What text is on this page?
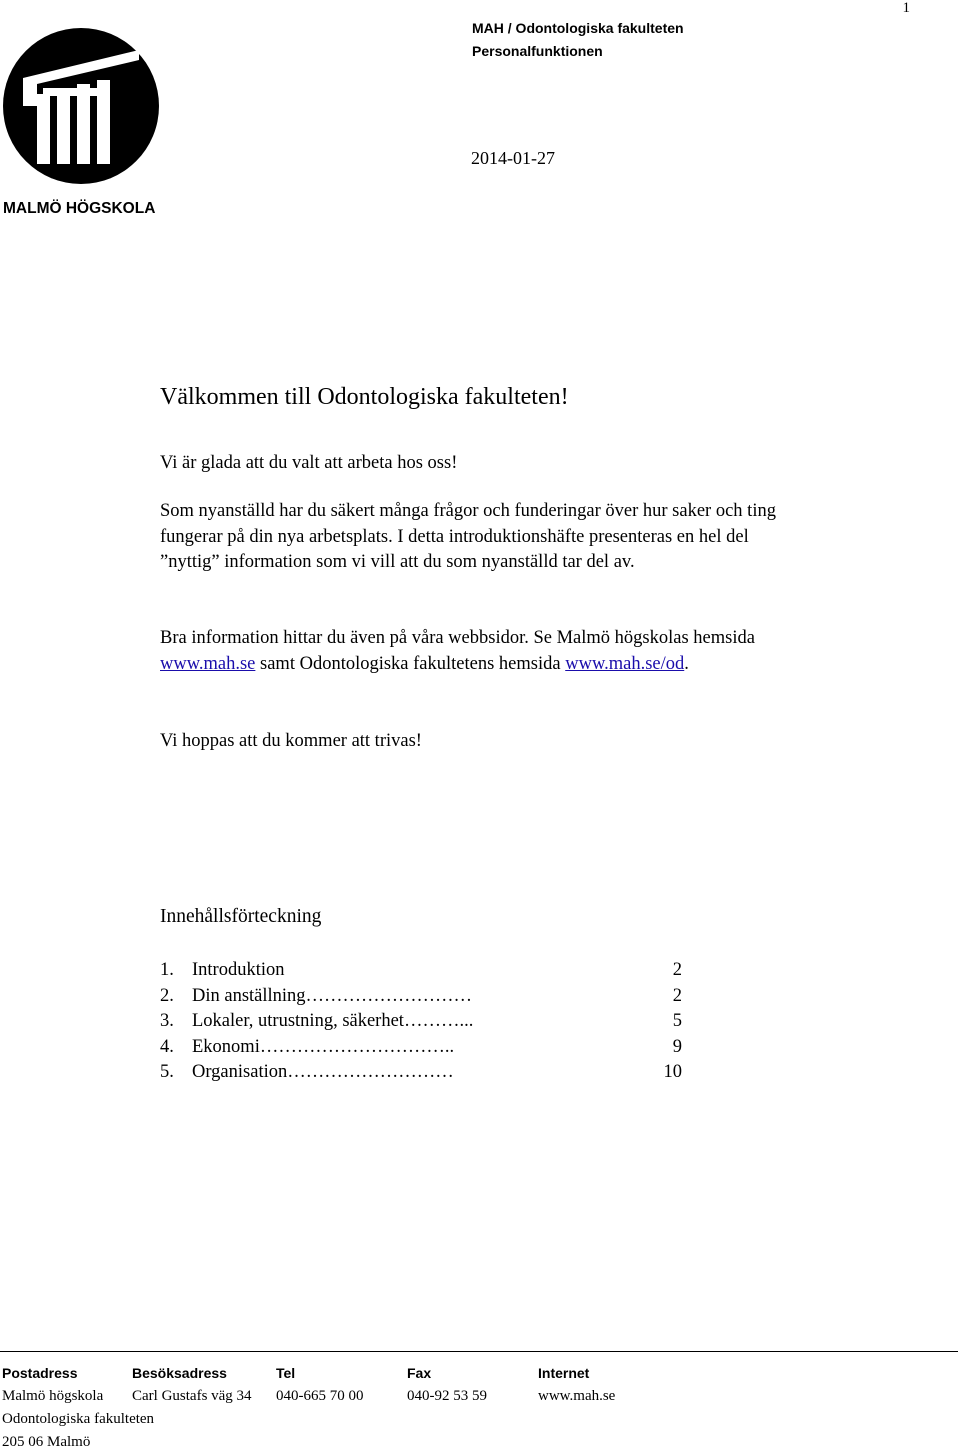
1
MALMÖ HÖGSKOLA
MAH / Odontologiska fakulteten
Personalfunktionen
2014-01-27
Välkommen till Odontologiska fakulteten!
Vi är glada att du valt att arbeta hos oss!
Som nyanställd har du säkert många frågor och funderingar över hur saker och ting fungerar på din nya arbetsplats. I detta introduktionshäfte presenteras en hel del ”nyttig” information som vi vill att du som nyanställd tar del av.
Bra information hittar du även på våra webbsidor. Se Malmö högskolas hemsida www.mah.se samt Odontologiska fakultetens hemsida www.mah.se/od.
Vi hoppas att du kommer att trivas!
Innehållsförteckning
1. Introduktion	2
2. Din anställning………………………	2
3. Lokaler, utrustning, säkerhet………...	5
4. Ekonomi…………………………..	9
5. Organisation………………………	10
Postadress
Malmö högskola
Odontologiska fakulteten
205 06 Malmö
Besöksadress
Carl Gustafs väg 34
Tel
040-665 70 00
Fax
040-92 53 59
Internet
www.mah.se
